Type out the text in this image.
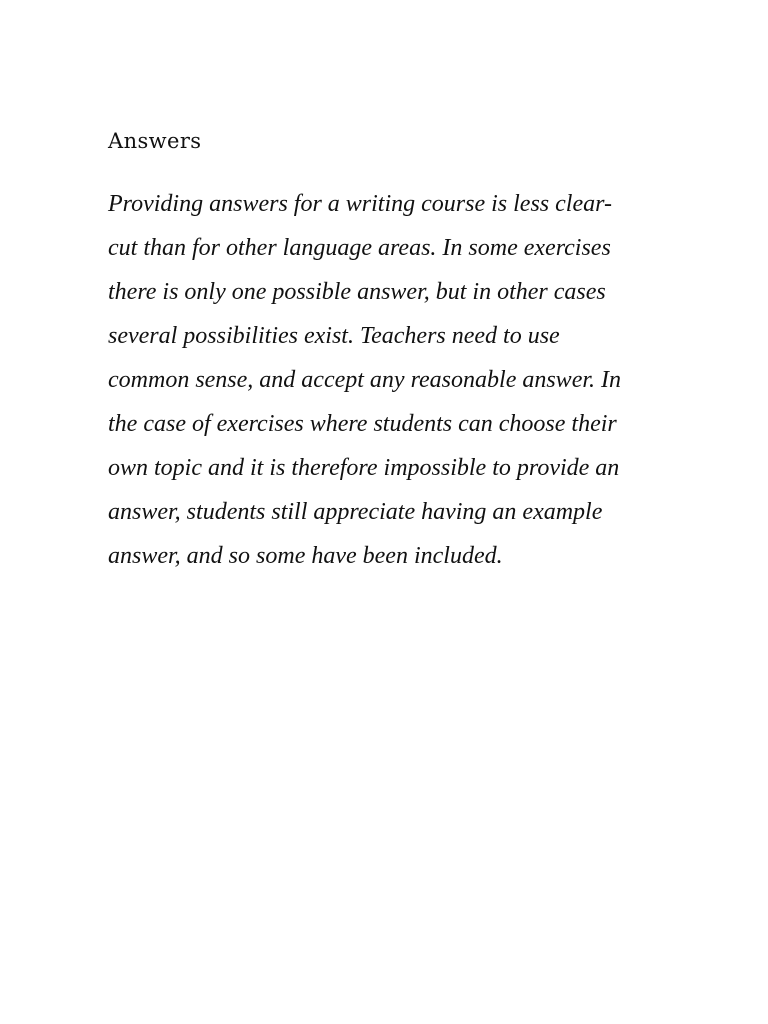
Answers

Providing answers for a writing course is less clear-

cut than for other language areas. In some exercises

there is only one possible answer, but in other cases

several possibilities exist. Teachers need to use

common sense, and accept any reasonable answer. In

the case of exercises where students can choose their

own topic and it is therefore impossible to provide an

answer, students still appreciate having an example

answer, and so some have been included.
